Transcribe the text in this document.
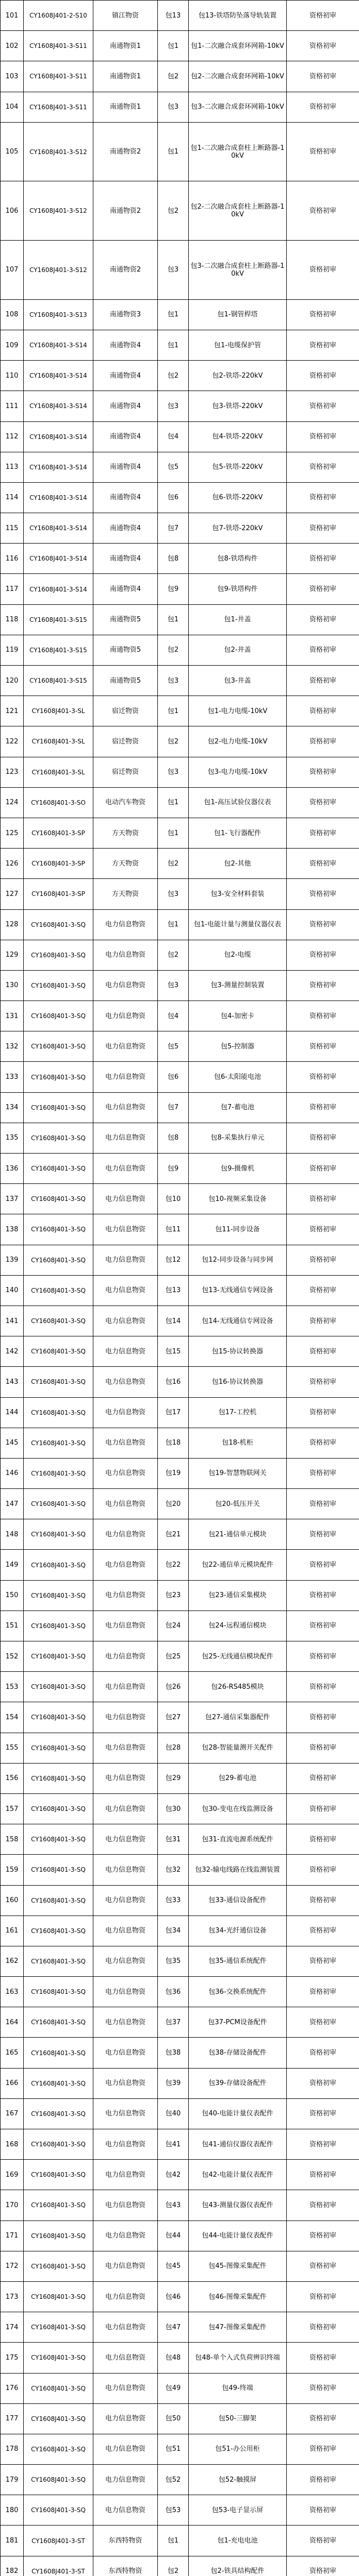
101	CY1608J401-2-S10	镇江物资	包13	包13-铁塔防坠落导轨装置	资格初审
102	CY1608J401-3-S11	南通物资1	包1	包1-二次融合成套环网箱-10kV	资格初审
103	CY1608J401-3-S11	南通物资1	包2	包2-二次融合成套环网箱-10kV	资格初审
104	CY1608J401-3-S11	南通物资1	包3	包3-二次融合成套环网箱-10kV	资格初审
105	CY1608J401-3-S12	南通物资2	包1	包1-二次融合成套柱上断路器-10kV	资格初审
106	CY1608J401-3-S12	南通物资2	包2	包2-二次融合成套柱上断路器-10kV	资格初审
107	CY1608J401-3-S12	南通物资2	包3	包3-二次融合成套柱上断路器-10kV	资格初审
108	CY1608J401-3-S13	南通物资3	包1	包1-钢管桿塔	资格初审
109	CY1608J401-3-S14	南通物资4	包1	包1-电缆保护管	资格初审
110	CY1608J401-3-S14	南通物资4	包2	包2-铁塔-220kV	资格初审
111	CY1608J401-3-S14	南通物资4	包3	包3-铁塔-220kV	资格初审
112	CY1608J401-3-S14	南通物资4	包4	包4-铁塔-220kV	资格初审
113	CY1608J401-3-S14	南通物资4	包5	包5-铁塔-220kV	资格初审
114	CY1608J401-3-S14	南通物资4	包6	包6-铁塔-220kV	资格初审
115	CY1608J401-3-S14	南通物资4	包7	包7-铁塔-220kV	资格初审
116	CY1608J401-3-S14	南通物资4	包8	包8-铁塔构件	资格初审
117	CY1608J401-3-S14	南通物资4	包9	包9-铁塔构件	资格初审
118	CY1608J401-3-S15	南通物资5	包1	包1-井盖	资格初审
119	CY1608J401-3-S15	南通物资5	包2	包2-井盖	资格初审
120	CY1608J401-3-S15	南通物资5	包3	包3-井盖	资格初审
121	CY1608J401-3-SL	宿迁物资	包1	包1-电力电缆-10kV	资格初审
122	CY1608J401-3-SL	宿迁物资	包2	包2-电力电缆-10kV	资格初审
123	CY1608J401-3-SL	宿迁物资	包3	包3-电力电缆-10kV	资格初审
124	CY1608J401-3-SO	电动汽车物资	包1	包1-高压试验仪器仪表	资格初审
125	CY1608J401-3-SP	方天物资	包1	包1-飞行器配件	资格初审
126	CY1608J401-3-SP	方天物资	包2	包2-其他	资格初审
127	CY1608J401-3-SP	方天物资	包3	包3-安全材料套装	资格初审
128	CY1608J401-3-SQ	电力信息物资	包1	包1-电能计量与测量仪器仪表	资格初审
129	CY1608J401-3-SQ	电力信息物资	包2	包2-电缆	资格初审
130	CY1608J401-3-SQ	电力信息物资	包3	包3-测量控制装置	资格初审
131	CY1608J401-3-SQ	电力信息物资	包4	包4-加密卡	资格初审
132	CY1608J401-3-SQ	电力信息物资	包5	包5-控制器	资格初审
133	CY1608J401-3-SQ	电力信息物资	包6	包6-太阳能电池	资格初审
134	CY1608J401-3-SQ	电力信息物资	包7	包7-蓄电池	资格初审
135	CY1608J401-3-SQ	电力信息物资	包8	包8-采集执行单元	资格初审
136	CY1608J401-3-SQ	电力信息物资	包9	包9-摄像机	资格初审
137	CY1608J401-3-SQ	电力信息物资	包10	包10-视频采集设备	资格初审
138	CY1608J401-3-SQ	电力信息物资	包11	包11-同步设备	资格初审
139	CY1608J401-3-SQ	电力信息物资	包12	包12-同步设备与同步网	资格初审
140	CY1608J401-3-SQ	电力信息物资	包13	包13-无线通信专网设备	资格初审
141	CY1608J401-3-SQ	电力信息物资	包14	包14-无线通信专网设备	资格初审
142	CY1608J401-3-SQ	电力信息物资	包15	包15-协议转换器	资格初审
143	CY1608J401-3-SQ	电力信息物资	包16	包16-协议转换器	资格初审
144	CY1608J401-3-SQ	电力信息物资	包17	包17-工控机	资格初审
145	CY1608J401-3-SQ	电力信息物资	包18	包18-机柜	资格初审
146	CY1608J401-3-SQ	电力信息物资	包19	包19-智慧物联网关	资格初审
147	CY1608J401-3-SQ	电力信息物资	包20	包20-低压开关	资格初审
148	CY1608J401-3-SQ	电力信息物资	包21	包21-通信单元模块	资格初审
149	CY1608J401-3-SQ	电力信息物资	包22	包22-通信单元模块配件	资格初审
150	CY1608J401-3-SQ	电力信息物资	包23	包23-通信采集模块	资格初审
151	CY1608J401-3-SQ	电力信息物资	包24	包24-远程通信模块	资格初审
152	CY1608J401-3-SQ	电力信息物资	包25	包25-无线通信模块配件	资格初审
153	CY1608J401-3-SQ	电力信息物资	包26	包26-RS485模块	资格初审
154	CY1608J401-3-SQ	电力信息物资	包27	包27-通信采集器配件	资格初审
155	CY1608J401-3-SQ	电力信息物资	包28	包28-智能量测开关配件	资格初审
156	CY1608J401-3-SQ	电力信息物资	包29	包29-蓄电池	资格初审
157	CY1608J401-3-SQ	电力信息物资	包30	包30-变电在线监测设备	资格初审
158	CY1608J401-3-SQ	电力信息物资	包31	包31-直流电源系统配件	资格初审
159	CY1608J401-3-SQ	电力信息物资	包32	包32-输电线路在线监测装置	资格初审
160	CY1608J401-3-SQ	电力信息物资	包33	包33-通信设备配件	资格初审
161	CY1608J401-3-SQ	电力信息物资	包34	包34-光纤通信设备	资格初审
162	CY1608J401-3-SQ	电力信息物资	包35	包35-通信系统配件	资格初审
163	CY1608J401-3-SQ	电力信息物资	包36	包36-交换系统配件	资格初审
164	CY1608J401-3-SQ	电力信息物资	包37	包37-PCM设备配件	资格初审
165	CY1608J401-3-SQ	电力信息物资	包38	包38-存储设备配件	资格初审
166	CY1608J401-3-SQ	电力信息物资	包39	包39-存储设备配件	资格初审
167	CY1608J401-3-SQ	电力信息物资	包40	包40-电能计量仪表配件	资格初审
168	CY1608J401-3-SQ	电力信息物资	包41	包41-通信仪器仪表配件	资格初审
169	CY1608J401-3-SQ	电力信息物资	包42	包42-电能计量仪表配件	资格初审
170	CY1608J401-3-SQ	电力信息物资	包43	包43-测量仪器仪表配件	资格初审
171	CY1608J401-3-SQ	电力信息物资	包44	包44-电能计量仪表配件	资格初审
172	CY1608J401-3-SQ	电力信息物资	包45	包45-图像采集配件	资格初审
173	CY1608J401-3-SQ	电力信息物资	包46	包46-图像采集配件	资格初审
174	CY1608J401-3-SQ	电力信息物资	包47	包47-图像采集配件	资格初审
175	CY1608J401-3-SQ	电力信息物资	包48	包48-单个入式负荷辨识终端	资格初审
176	CY1608J401-3-SQ	电力信息物资	包49	包49-终端	资格初审
177	CY1608J401-3-SQ	电力信息物资	包50	包50-三脚架	资格初审
178	CY1608J401-3-SQ	电力信息物资	包51	包51-办公用柜	资格初审
179	CY1608J401-3-SQ	电力信息物资	包52	包52-触摸屏	资格初审
180	CY1608J401-3-SQ	电力信息物资	包53	包53-电子显示屏	资格初审
181	CY1608J401-3-ST	东西特物资	包1	包1-充电电池	资格初审
182	CY1608J401-3-ST	东西特物资	包2	包2-铁具结构配件	资格初审
